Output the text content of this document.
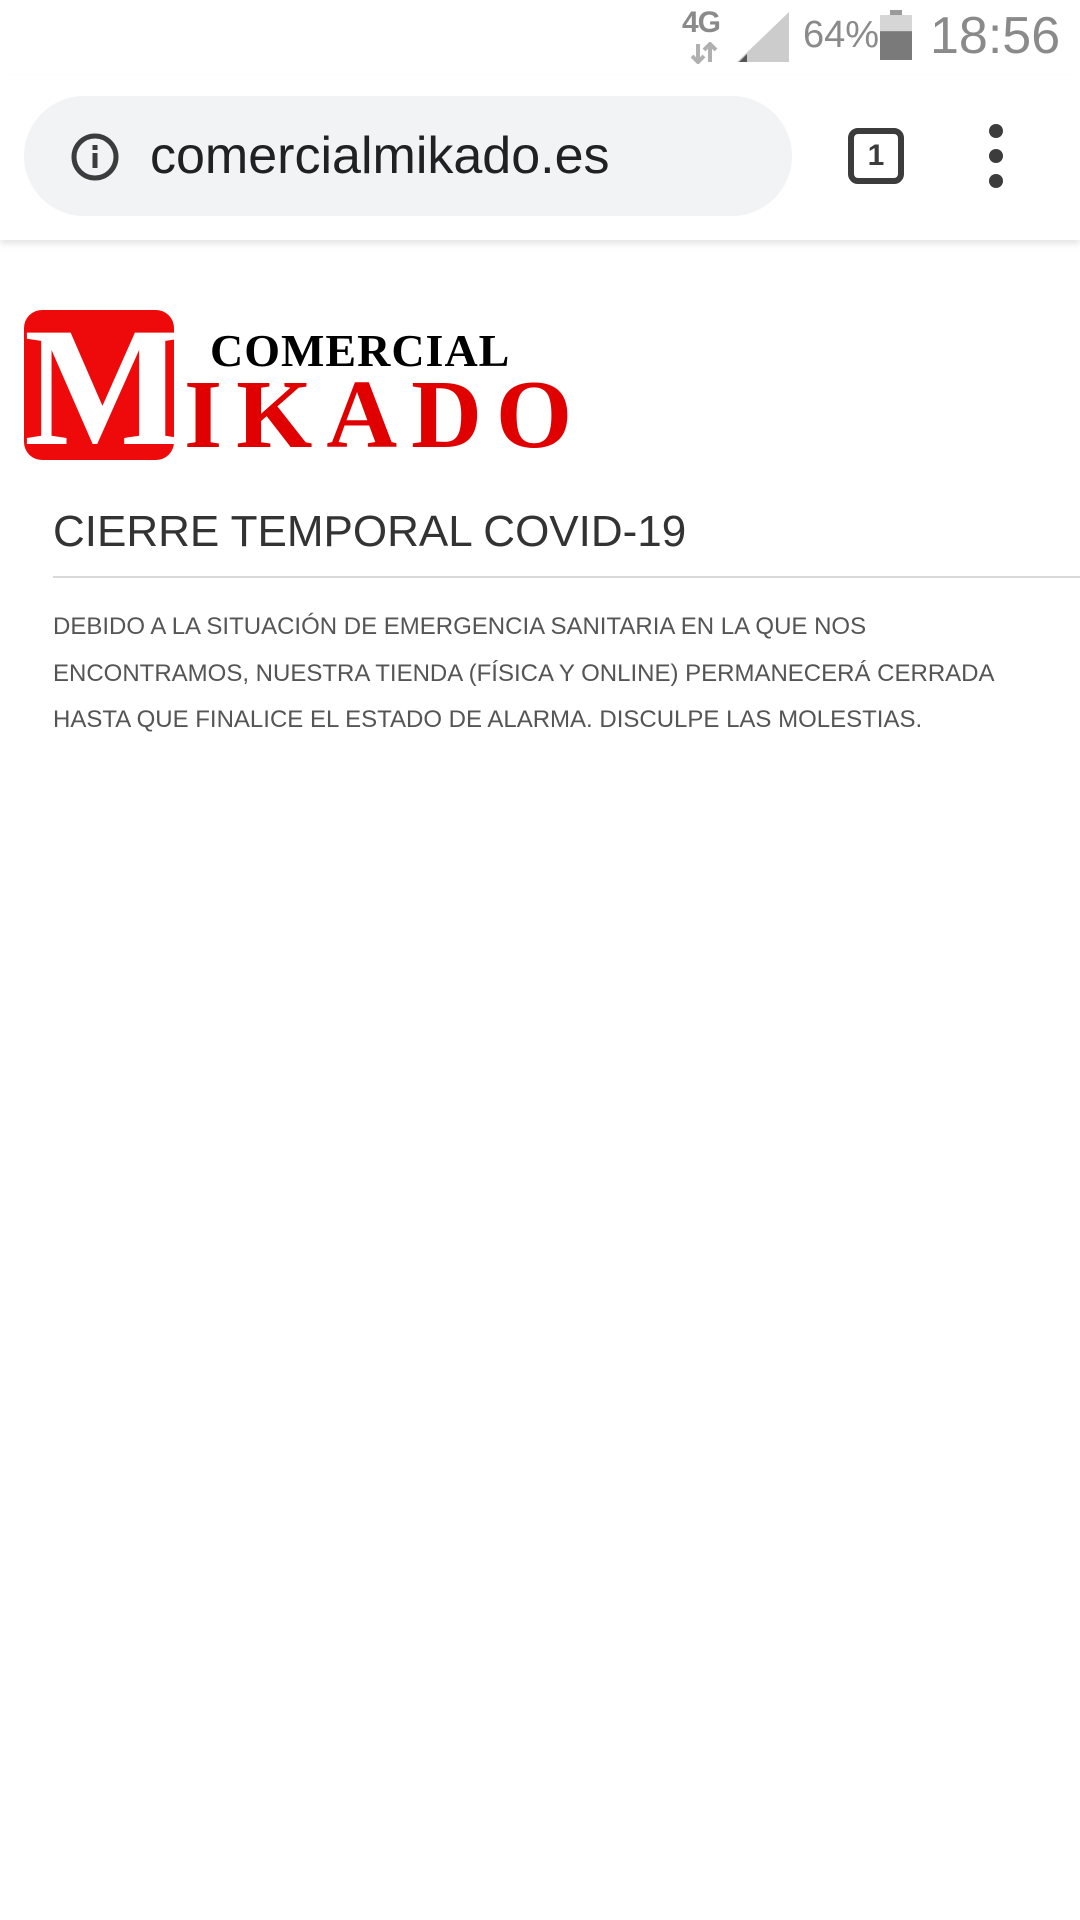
4G 64% 18:56
comercialmikado.es	1
M COMERCIAL
IKADO
CIERRE TEMPORAL COVID-19

DEBIDO A LA SITUACIÓN DE EMERGENCIA SANITARIA EN LA QUE NOS ENCONTRAMOS, NUESTRA TIENDA (FÍSICA Y ONLINE) PERMANECERÁ CERRADA HASTA QUE FINALICE EL ESTADO DE ALARMA. DISCULPE LAS MOLESTIAS.
